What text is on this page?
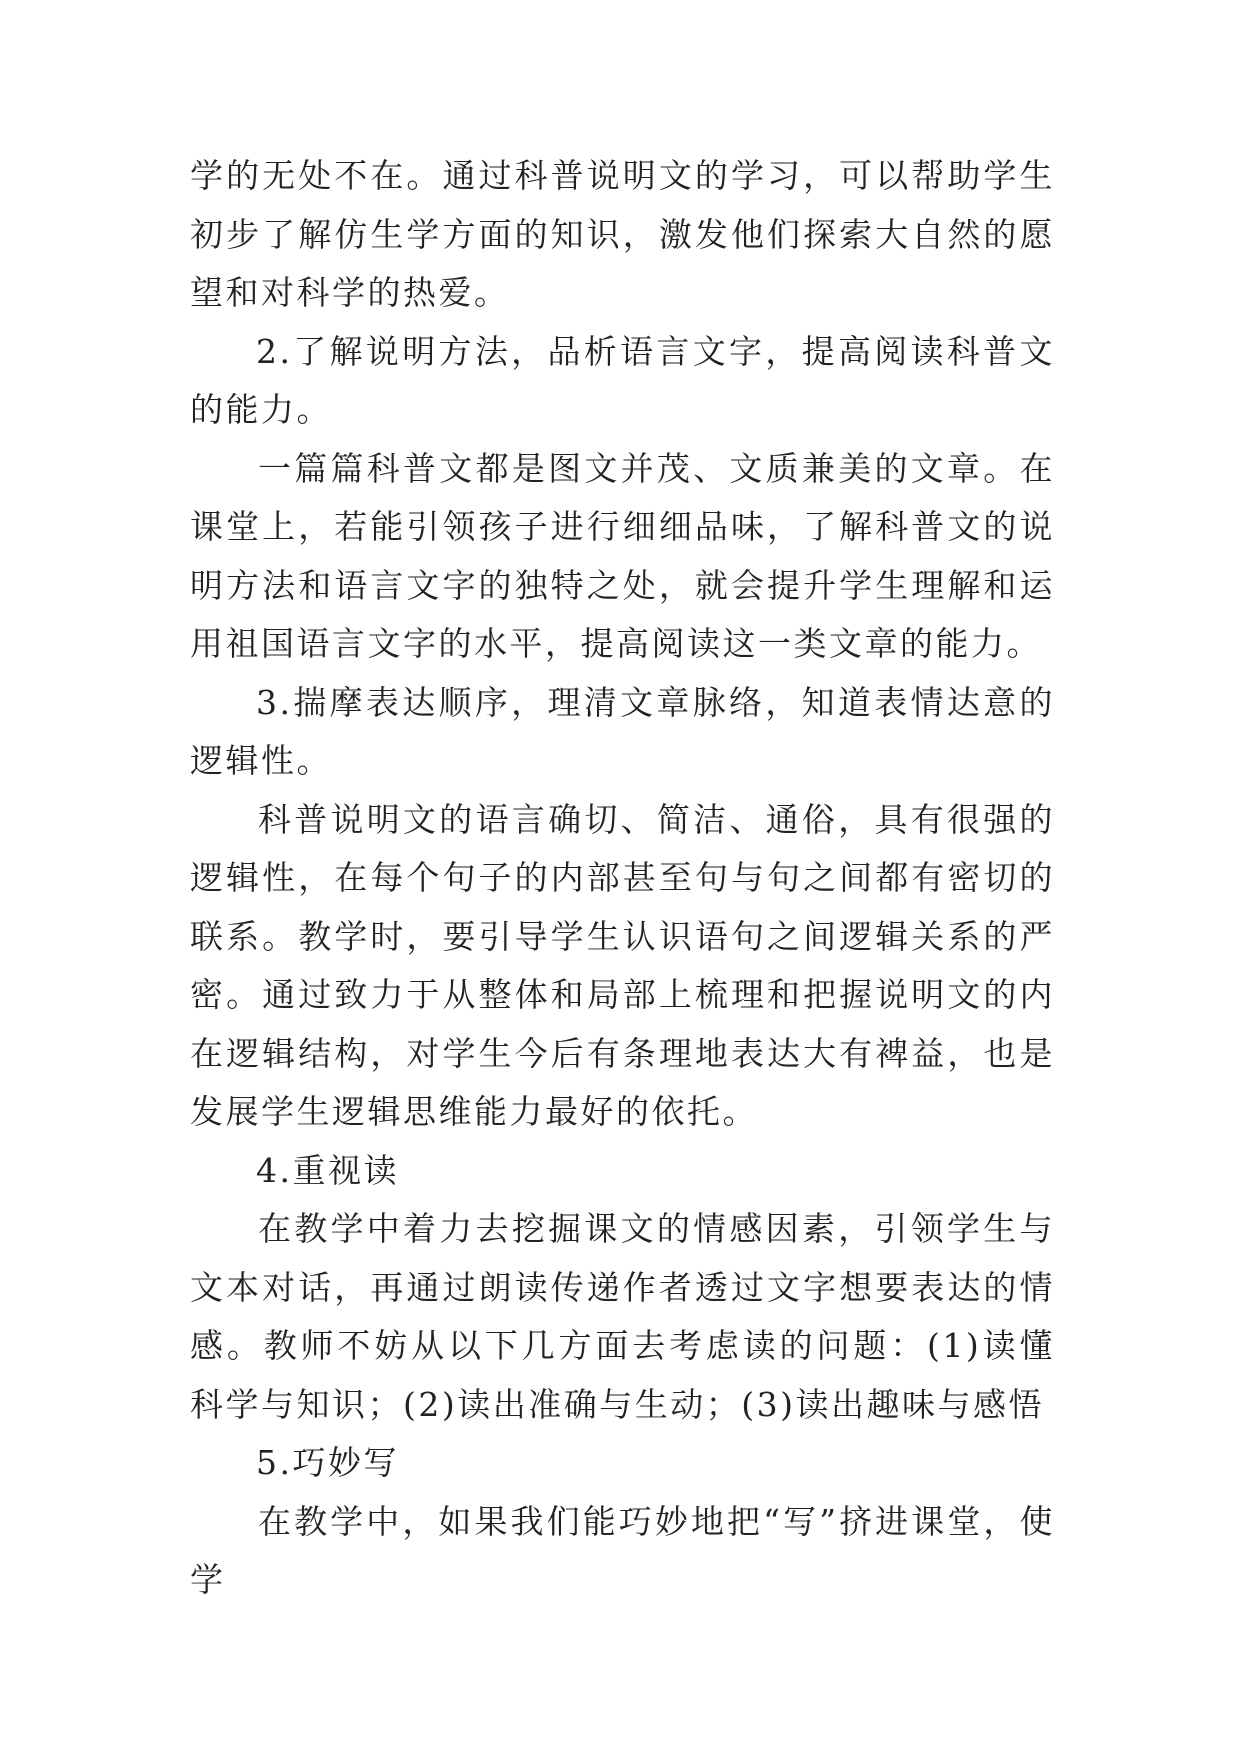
学的无处不在。通过科普说明文的学习，可以帮助学生初步了解仿生学方面的知识，激发他们探索大自然的愿望和对科学的热爱。

2.了解说明方法，品析语言文字，提高阅读科普文的能力。

一篇篇科普文都是图文并茂、文质兼美的文章。在课堂上，若能引领孩子进行细细品味，了解科普文的说明方法和语言文字的独特之处，就会提升学生理解和运用祖国语言文字的水平，提高阅读这一类文章的能力。

3.揣摩表达顺序，理清文章脉络，知道表情达意的逻辑性。

科普说明文的语言确切、简洁、通俗，具有很强的逻辑性，在每个句子的内部甚至句与句之间都有密切的联系。教学时，要引导学生认识语句之间逻辑关系的严密。通过致力于从整体和局部上梳理和把握说明文的内在逻辑结构，对学生今后有条理地表达大有裨益，也是发展学生逻辑思维能力最好的依托。

4.重视读

在教学中着力去挖掘课文的情感因素，引领学生与文本对话，再通过朗读传递作者透过文字想要表达的情感。教师不妨从以下几方面去考虑读的问题：(1)读懂科学与知识；(2)读出准确与生动；(3)读出趣味与感悟

5.巧妙写

在教学中，如果我们能巧妙地把“写”挤进课堂，使学
